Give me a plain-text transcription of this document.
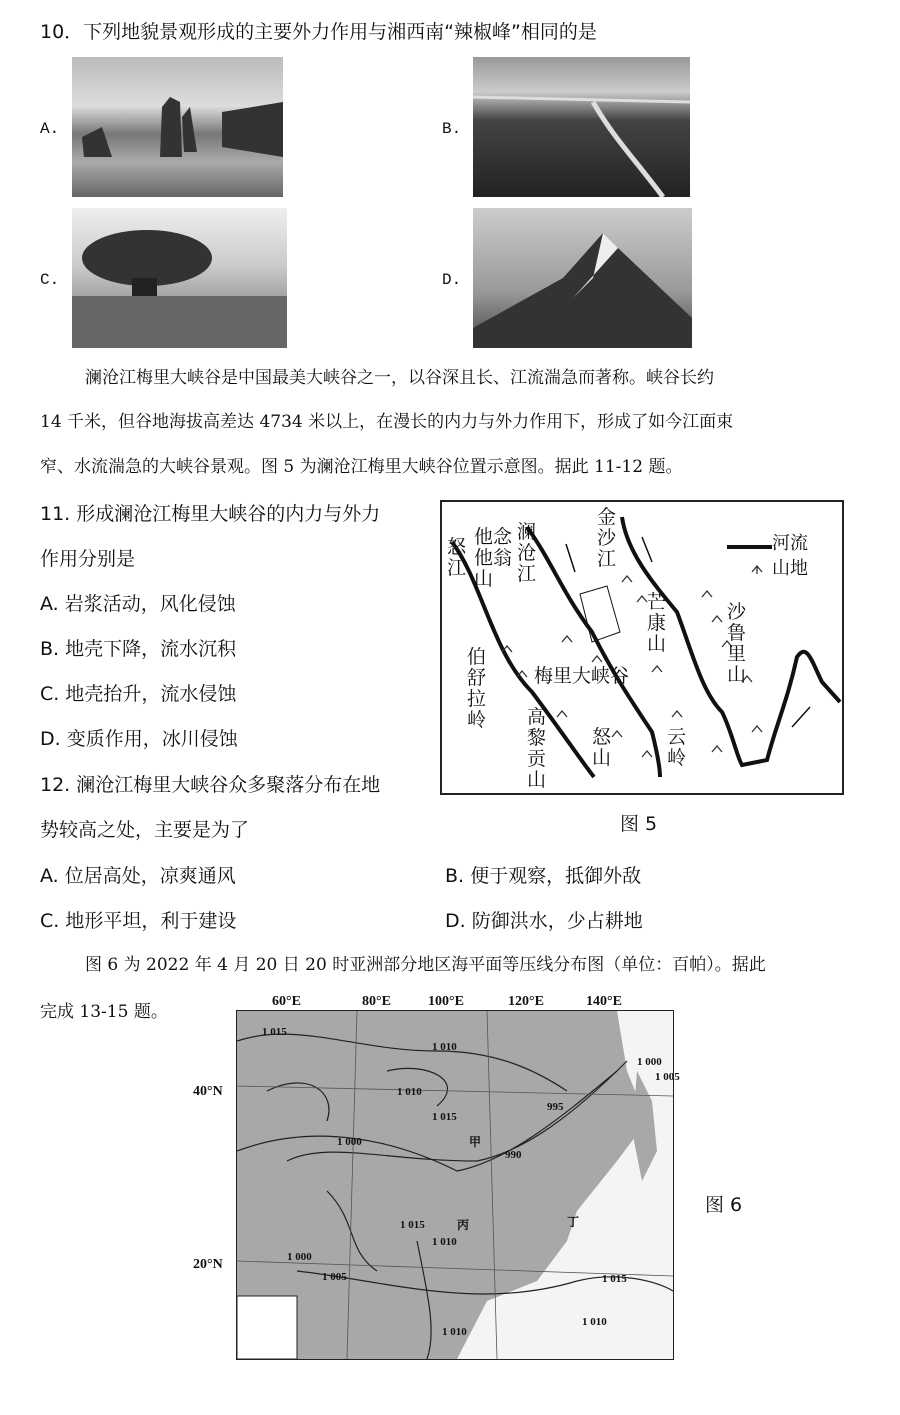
10．下列地貌景观形成的主要外力作用与湘西南“辣椒峰”相同的是
A.	B.
C.	D.
澜沧江梅里大峡谷是中国最美大峡谷之一，以谷深且长、江流湍急而著称。峡谷长约
14 千米，但谷地海拔高差达 4734 米以上，在漫长的内力与外力作用下，形成了如今江面束
窄、水流湍急的大峡谷景观。图 5 为澜沧江梅里大峡谷位置示意图。据此 11-12 题。
11. 形成澜沧江梅里大峡谷的内力与外力
作用分别是
A. 岩浆活动，风化侵蚀
B. 地壳下降，流水沉积
C. 地壳抬升，流水侵蚀
D. 变质作用，冰川侵蚀
12. 澜沧江梅里大峡谷众多聚落分布在地
势较高之处，主要是为了
A. 位居高处，凉爽通风	B. 便于观察，抵御外敌
C. 地形平坦，利于建设	D. 防御洪水，少占耕地
河流
山地
怒江
他念他翁山
澜沧江
金沙江
芒康山
沙鲁里山
伯舒拉岭
梅里大峡谷
高黎贡山
怒山
云岭
图 5
图 6 为 2022 年 4 月 20 日 20 时亚洲部分地区海平面等压线分布图（单位：百帕）。据此
完成 13-15 题。
60°E	80°E	100°E	120°E	140°E
40°N
20°N
1 015
1 010
1 010
1 015
1 000
990
995
1 000
1 005
1 015
1 010
1 000
1 005
1 010
1 015
1 010
甲
丙	丁
图 6
